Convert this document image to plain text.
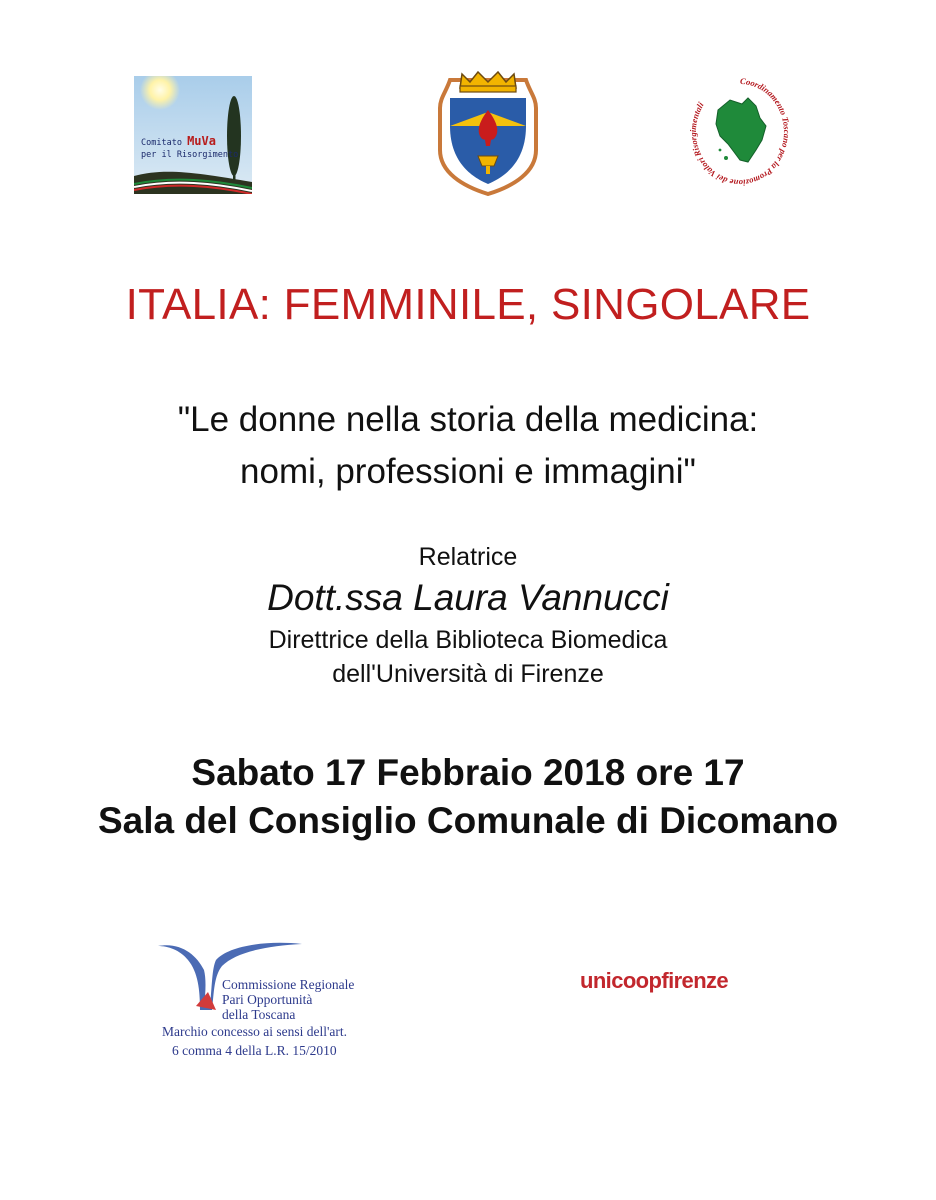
Comitato MuVa
per il Risorgimento
Coordinamento T o per la Promozione dei Valori Ris ntali
ITALIA: FEMMINILE, SINGOLARE
"Le donne nella storia della medicina:
nomi, professioni e immagini"
Relatrice
Dott.ssa Laura Vannucci
Direttrice della Biblioteca Biomedica
dell'Università di Firenze
Sabato 17 Febbraio 2018 ore 17
Sala del Consiglio Comunale di Dicomano
Commissione Regionale
Pari Opportunità
della Toscana
Marchio concesso ai sensi dell'art.
6 comma 4 della L.R. 15/2010
unicoopfirenze
